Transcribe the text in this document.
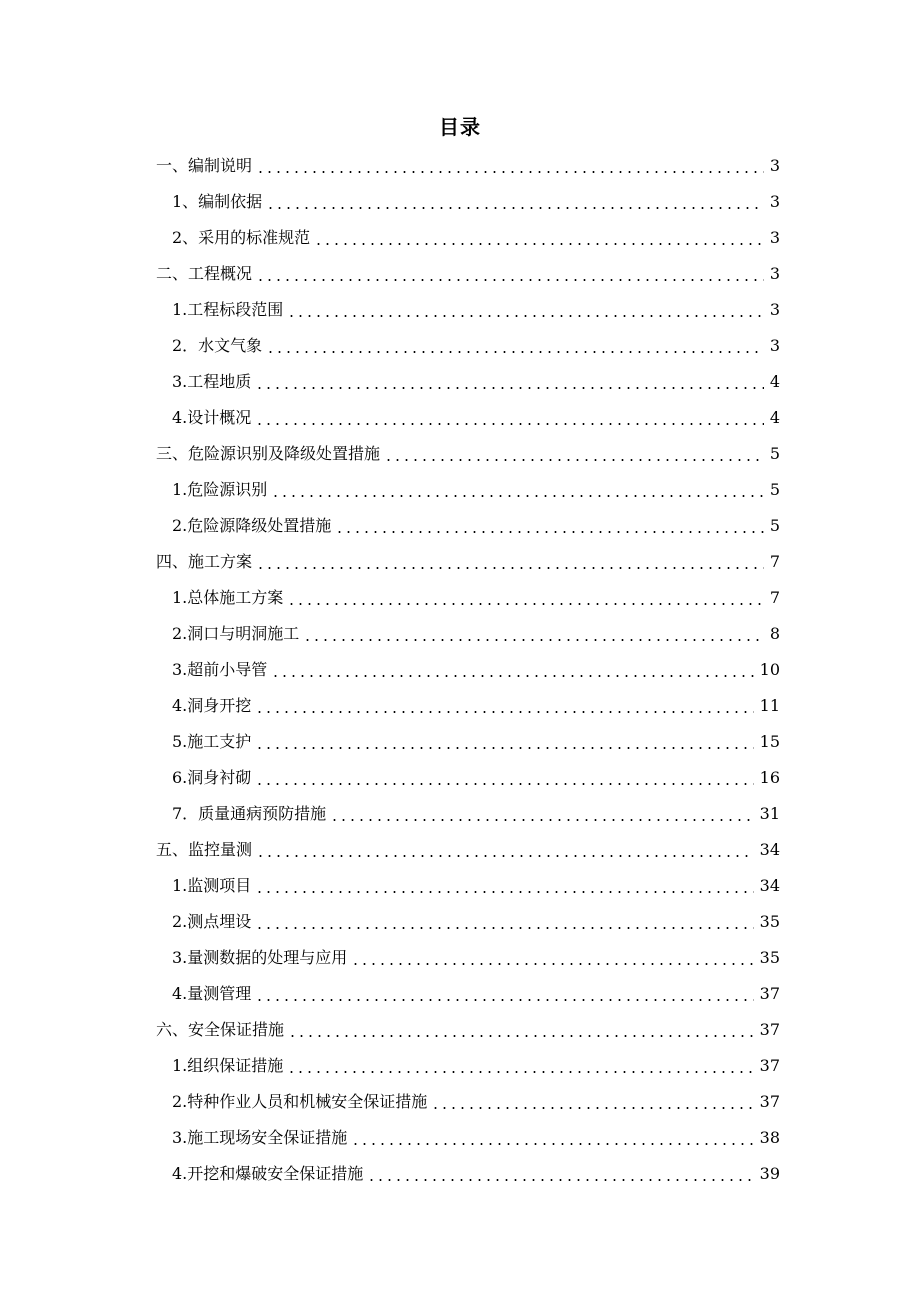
目录
一、编制说明	3
1、编制依据	3
2、采用的标准规范	3
二、工程概况	3
1.工程标段范围	3
2．水文气象	3
3.工程地质	4
4.设计概况	4
三、危险源识别及降级处置措施	5
1.危险源识别	5
2.危险源降级处置措施	5
四、施工方案	7
1.总体施工方案	7
2.洞口与明洞施工	8
3.超前小导管	10
4.洞身开挖	11
5.施工支护	15
6.洞身衬砌	16
7．质量通病预防措施	31
五、监控量测	34
1.监测项目	34
2.测点埋设	35
3.量测数据的处理与应用	35
4.量测管理	37
六、安全保证措施	37
1.组织保证措施	37
2.特种作业人员和机械安全保证措施	37
3.施工现场安全保证措施	38
4.开挖和爆破安全保证措施	39
